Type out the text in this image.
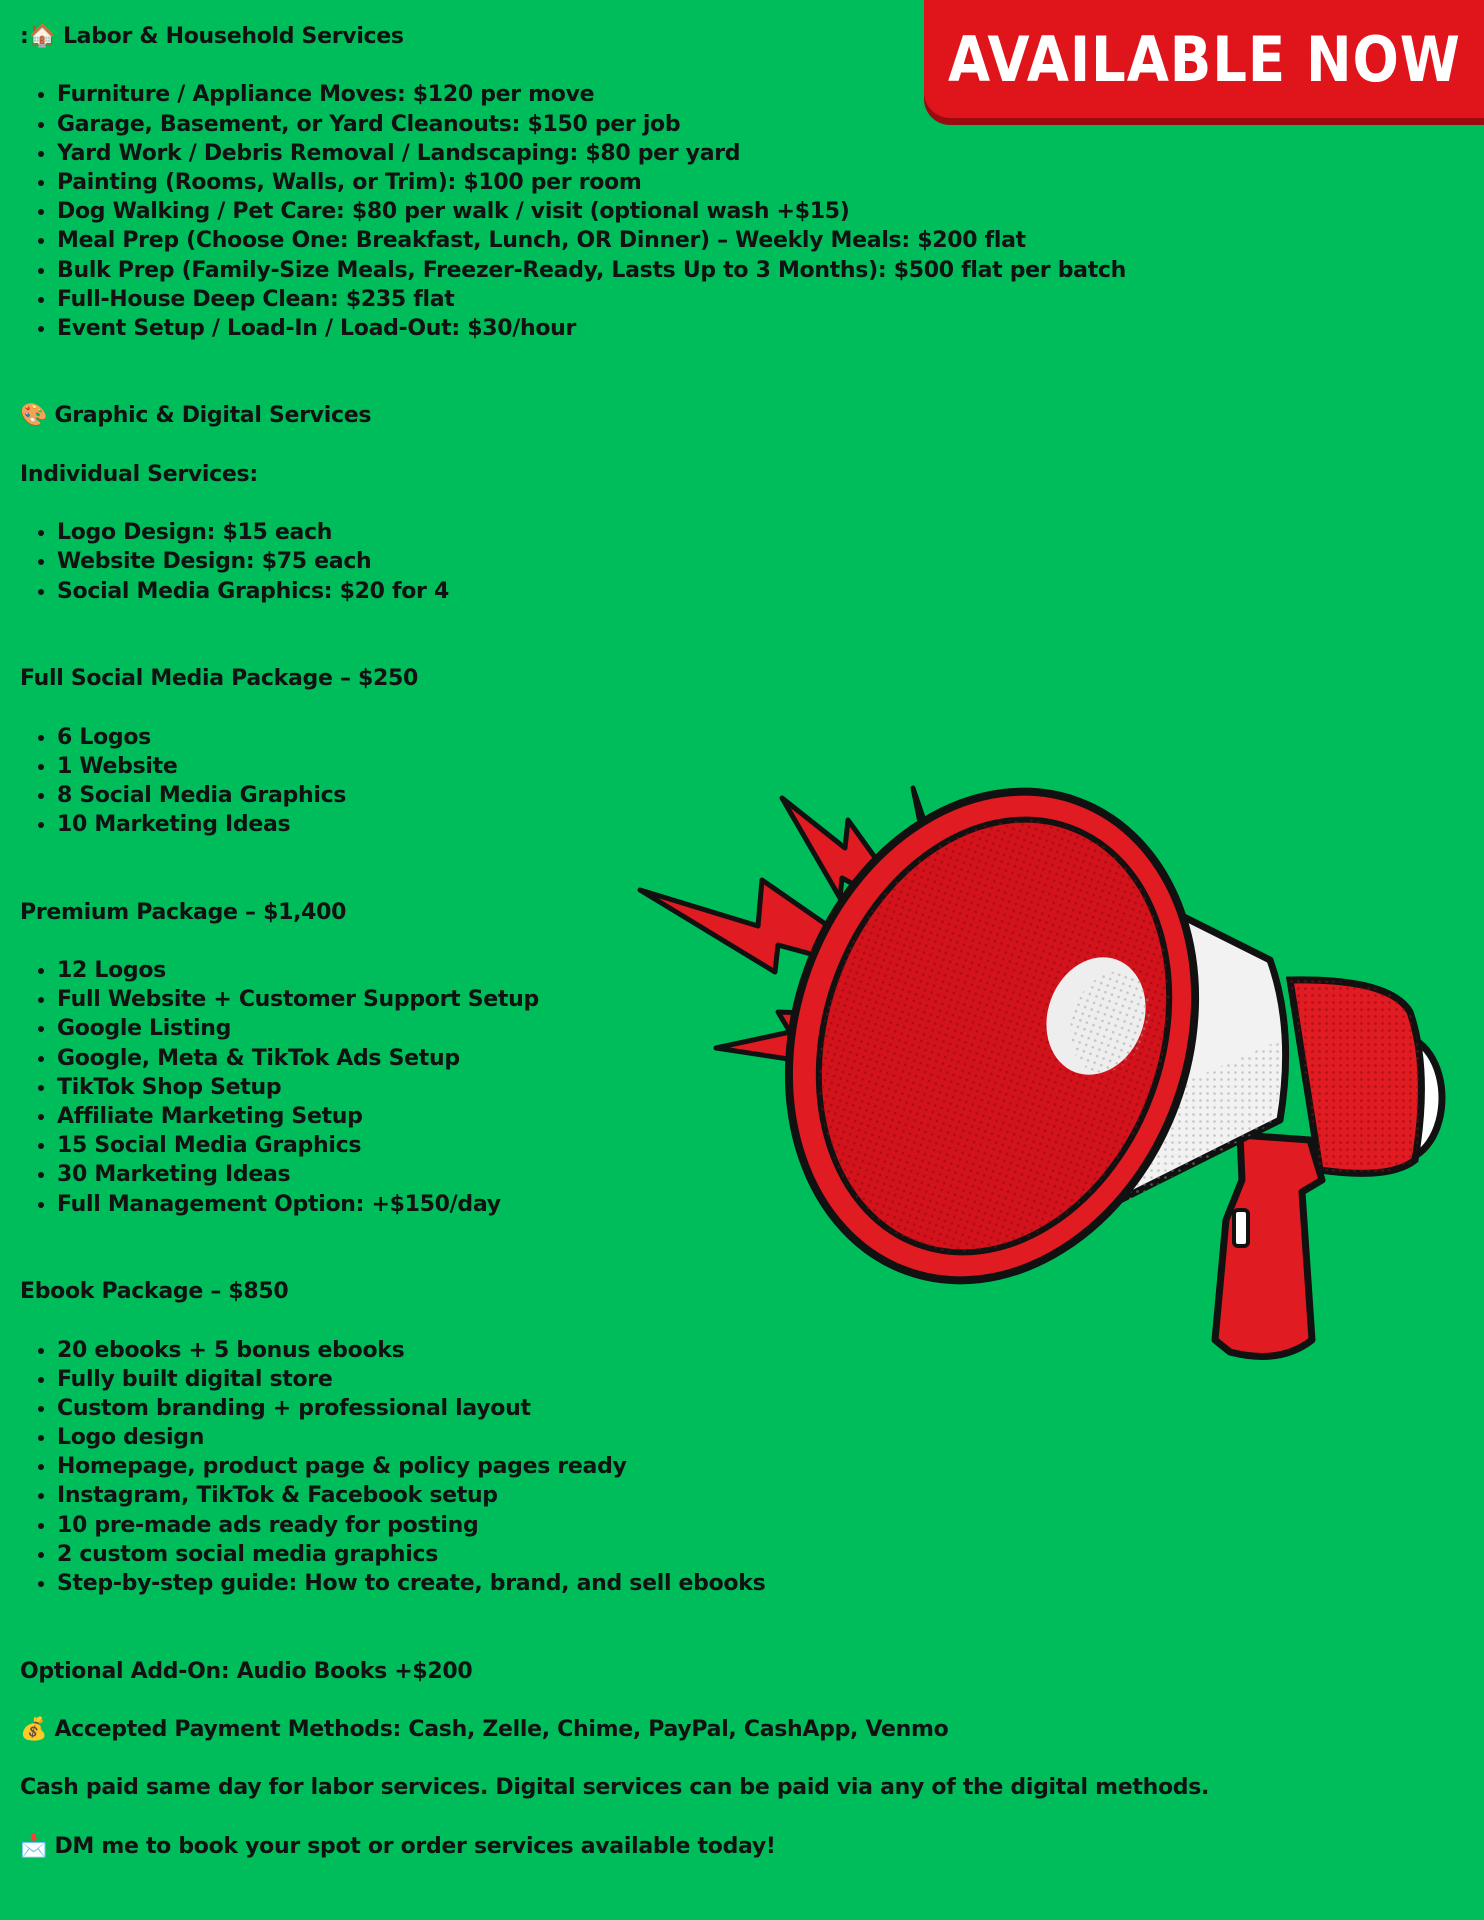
AVAILABLE NOW
:🏠 Labor & Household Services
• Furniture / Appliance Moves: $120 per move
• Garage, Basement, or Yard Cleanouts: $150 per job
• Yard Work / Debris Removal / Landscaping: $80 per yard
• Painting (Rooms, Walls, or Trim): $100 per room
• Dog Walking / Pet Care: $80 per walk / visit (optional wash +$15)
• Meal Prep (Choose One: Breakfast, Lunch, OR Dinner) – Weekly Meals: $200 flat
• Bulk Prep (Family-Size Meals, Freezer-Ready, Lasts Up to 3 Months): $500 flat per batch
• Full-House Deep Clean: $235 flat
• Event Setup / Load-In / Load-Out: $30/hour
🎨 Graphic & Digital Services
Individual Services:
• Logo Design: $15 each
• Website Design: $75 each
• Social Media Graphics: $20 for 4
Full Social Media Package – $250
• 6 Logos
• 1 Website
• 8 Social Media Graphics
• 10 Marketing Ideas
Premium Package – $1,400
• 12 Logos
• Full Website + Customer Support Setup
• Google Listing
• Google, Meta & TikTok Ads Setup
• TikTok Shop Setup
• Affiliate Marketing Setup
• 15 Social Media Graphics
• 30 Marketing Ideas
• Full Management Option: +$150/day
Ebook Package – $850
• 20 ebooks + 5 bonus ebooks
• Fully built digital store
• Custom branding + professional layout
• Logo design
• Homepage, product page & policy pages ready
• Instagram, TikTok & Facebook setup
• 10 pre-made ads ready for posting
• 2 custom social media graphics
• Step-by-step guide: How to create, brand, and sell ebooks
Optional Add-On: Audio Books +$200
💰 Accepted Payment Methods: Cash, Zelle, Chime, PayPal, CashApp, Venmo
Cash paid same day for labor services. Digital services can be paid via any of the digital methods.
📩 DM me to book your spot or order services available today!
